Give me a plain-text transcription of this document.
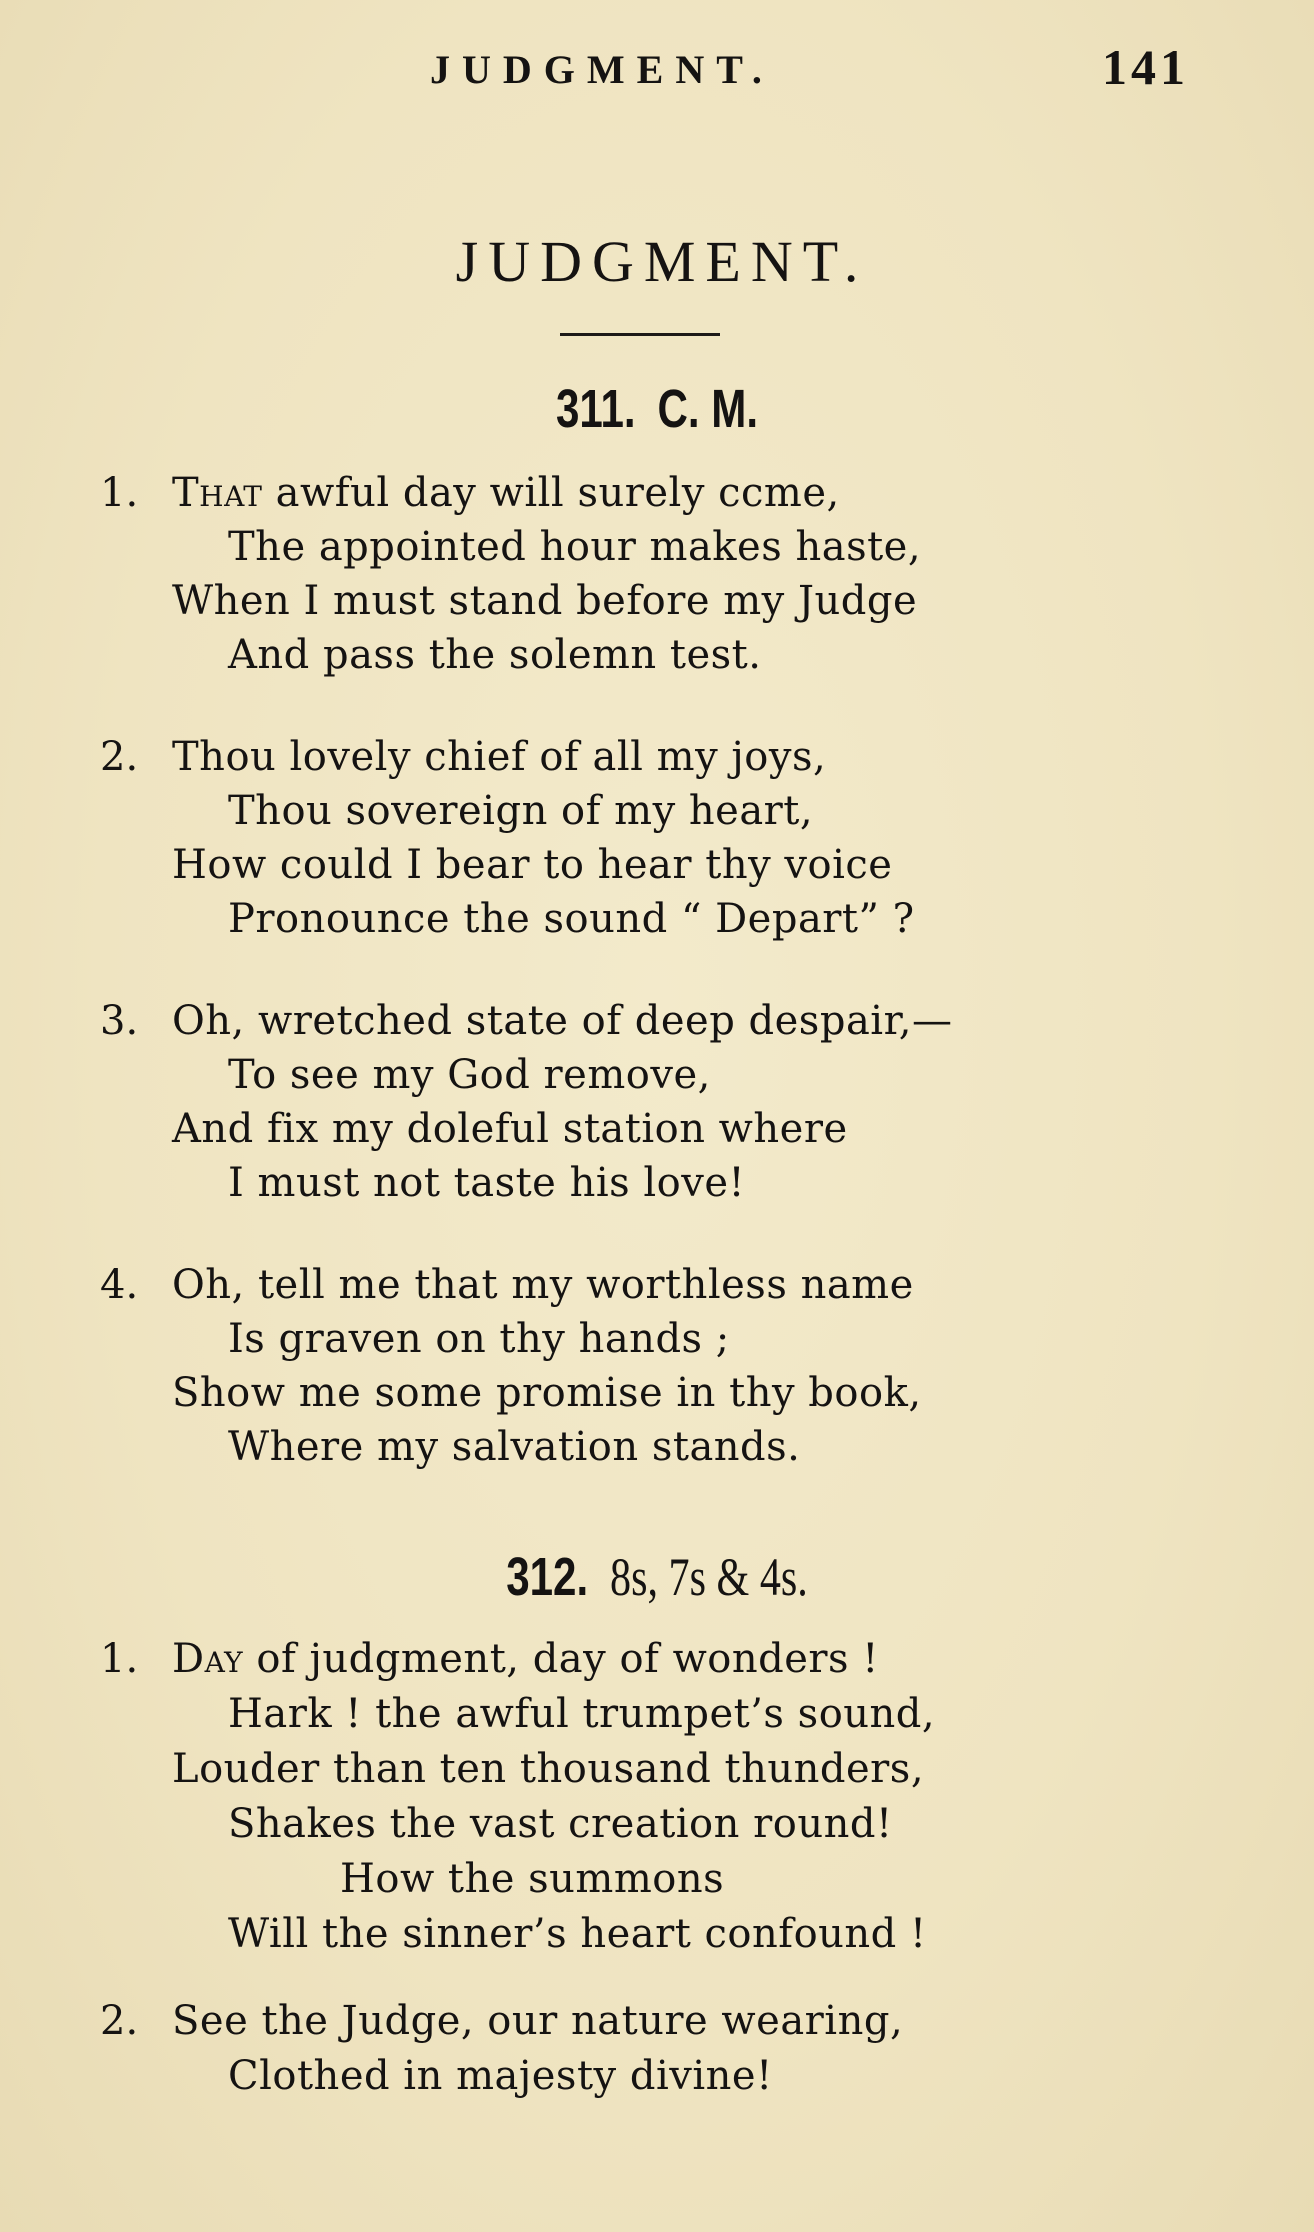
JUDGMENT.	141
JUDGMENT.
311. C. M.
1. That awful day will surely ccme,
The appointed hour makes haste,
When I must stand before my Judge
And pass the solemn test.
2. Thou lovely chief of all my joys,
Thou sovereign of my heart,
How could I bear to hear thy voice
Pronounce the sound “ Depart” ?
3. Oh, wretched state of deep despair,—
To see my God remove,
And fix my doleful station where
I must not taste his love!
4. Oh, tell me that my worthless name
Is graven on thy hands ;
Show me some promise in thy book,
Where my salvation stands.
312. 8s, 7s & 4s.
1. Day of judgment, day of wonders !
Hark ! the awful trumpet’s sound,
Louder than ten thousand thunders,
Shakes the vast creation round!
How the summons
Will the sinner’s heart confound !
2. See the Judge, our nature wearing,
Clothed in majesty divine!
